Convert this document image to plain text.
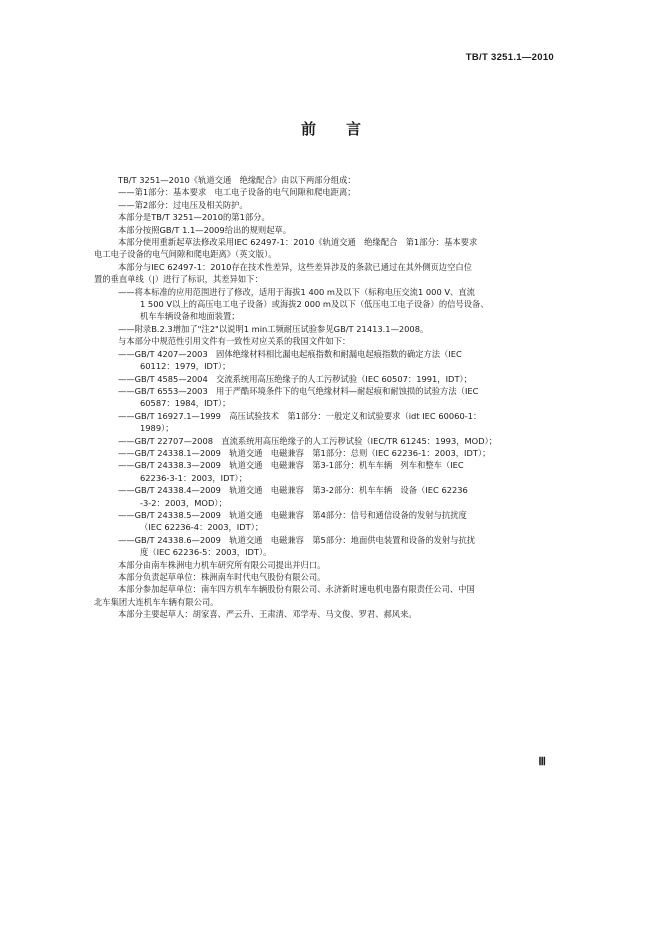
TB/T 3251.1—2010
前言

TB/T 3251—2010《轨道交通　绝缘配合》由以下两部分组成：

——第1部分：基本要求　电工电子设备的电气间隙和爬电距离；

——第2部分：过电压及相关防护。

本部分是TB/T 3251—2010的第1部分。

本部分按照GB/T 1.1—2009给出的规则起草。

本部分使用重新起草法修改采用IEC 62497-1：2010《轨道交通　绝缘配合　第1部分：基本要求

电工电子设备的电气间隙和爬电距离》（英文版）。

本部分与IEC 62497-1：2010存在技术性差异，这些差异涉及的条款已通过在其外侧页边空白位

置的垂直单线（|）进行了标识，其差异如下：

——将本标准的应用范围进行了修改，适用于海拔1 400 m及以下（标称电压交流1 000 V、直流

1 500 V以上的高压电工电子设备）或海拔2 000 m及以下（低压电工电子设备）的信号设备、

机车车辆设备和地面装置；

——附录B.2.3增加了"注2"以说明1 min工频耐压试验参见GB/T 21413.1—2008。

与本部分中规范性引用文件有一致性对应关系的我国文件如下：

——GB/T 4207—2003　固体绝缘材料相比漏电起痕指数和耐漏电起痕指数的确定方法（IEC

60112：1979，IDT）；

——GB/T 4585—2004　交流系统用高压绝缘子的人工污秽试验（IEC 60507：1991，IDT）；

——GB/T 6553—2003　用于严酷环境条件下的电气绝缘材料—耐起痕和耐蚀损的试验方法（IEC

60587：1984，IDT）；

——GB/T 16927.1—1999　高压试验技术　第1部分：一般定义和试验要求（idt IEC 60060-1：

1989）；

——GB/T 22707—2008　直流系统用高压绝缘子的人工污秽试验（IEC/TR 61245：1993，MOD）；

——GB/T 24338.1—2009　轨道交通　电磁兼容　第1部分：总则（IEC 62236-1：2003，IDT）；

——GB/T 24338.3—2009　轨道交通　电磁兼容　第3-1部分：机车车辆　列车和整车（IEC

62236-3-1：2003，IDT）；

——GB/T 24338.4—2009　轨道交通　电磁兼容　第3-2部分：机车车辆　设备（IEC 62236

-3-2：2003，MOD）；

——GB/T 24338.5—2009　轨道交通　电磁兼容　第4部分：信号和通信设备的发射与抗扰度

（IEC 62236-4：2003，IDT）；

——GB/T 24338.6—2009　轨道交通　电磁兼容　第5部分：地面供电装置和设备的发射与抗扰

度（IEC 62236-5：2003，IDT）。

本部分由南车株洲电力机车研究所有限公司提出并归口。

本部分负责起草单位：株洲南车时代电气股份有限公司。

本部分参加起草单位：南车四方机车车辆股份有限公司、永济新时速电机电器有限责任公司、中国

北车集团大连机车车辆有限公司。

本部分主要起草人：胡家喜、严云升、王肃清、邓学寿、马文俊、罗君、郝风来。

Ⅲ
